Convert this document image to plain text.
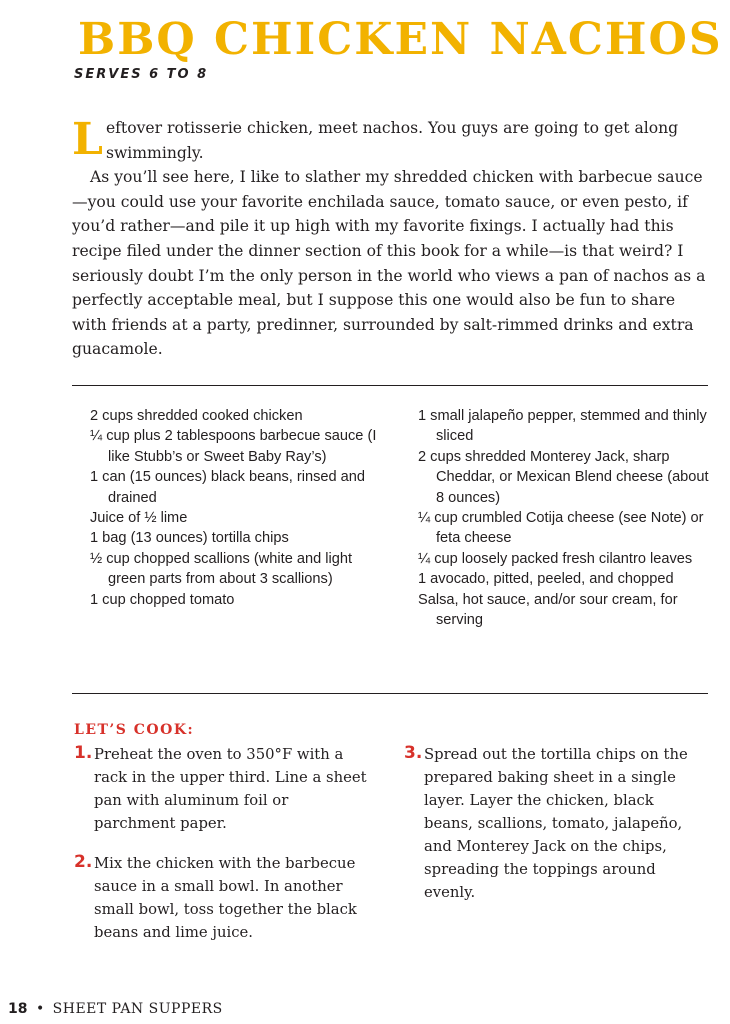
BBQ CHICKEN NACHOS
SERVES 6 TO 8

Leftover rotisserie chicken, meet nachos. You guys are going to get along swimmingly.

As you’ll see here, I like to slather my shredded chicken with barbecue sauce—you could use your favorite enchilada sauce, tomato sauce, or even pesto, if you’d rather—and pile it up high with my favorite fixings. I actually had this recipe filed under the dinner section of this book for a while—is that weird? I seriously doubt I’m the only person in the world who views a pan of nachos as a perfectly acceptable meal, but I suppose this one would also be fun to share with friends at a party, predinner, surrounded by salt-rimmed drinks and extra guacamole.

2 cups shredded cooked chicken

¼ cup plus 2 tablespoons barbecue sauce (I like Stubb’s or Sweet Baby Ray’s)

1 can (15 ounces) black beans, rinsed and drained

Juice of ½ lime

1 bag (13 ounces) tortilla chips

½ cup chopped scallions (white and light green parts from about 3 scallions)

1 cup chopped tomato

1 small jalapeño pepper, stemmed and thinly sliced

2 cups shredded Monterey Jack, sharp Cheddar, or Mexican Blend cheese (about 8 ounces)

¼ cup crumbled Cotija cheese (see Note) or feta cheese

¼ cup loosely packed fresh cilantro leaves

1 avocado, pitted, peeled, and chopped

Salsa, hot sauce, and/or sour cream, for serving

LET’S COOK:
1. Preheat the oven to 350°F with a rack in the upper third. Line a sheet pan with aluminum foil or parchment paper.
2. Mix the chicken with the barbecue sauce in a small bowl. In another small bowl, toss together the black beans and lime juice.
3. Spread out the tortilla chips on the prepared baking sheet in a single layer. Layer the chicken, black beans, scallions, tomato, jalapeño, and Monterey Jack on the chips, spreading the toppings around evenly.
18 • SHEET PAN SUPPERS
